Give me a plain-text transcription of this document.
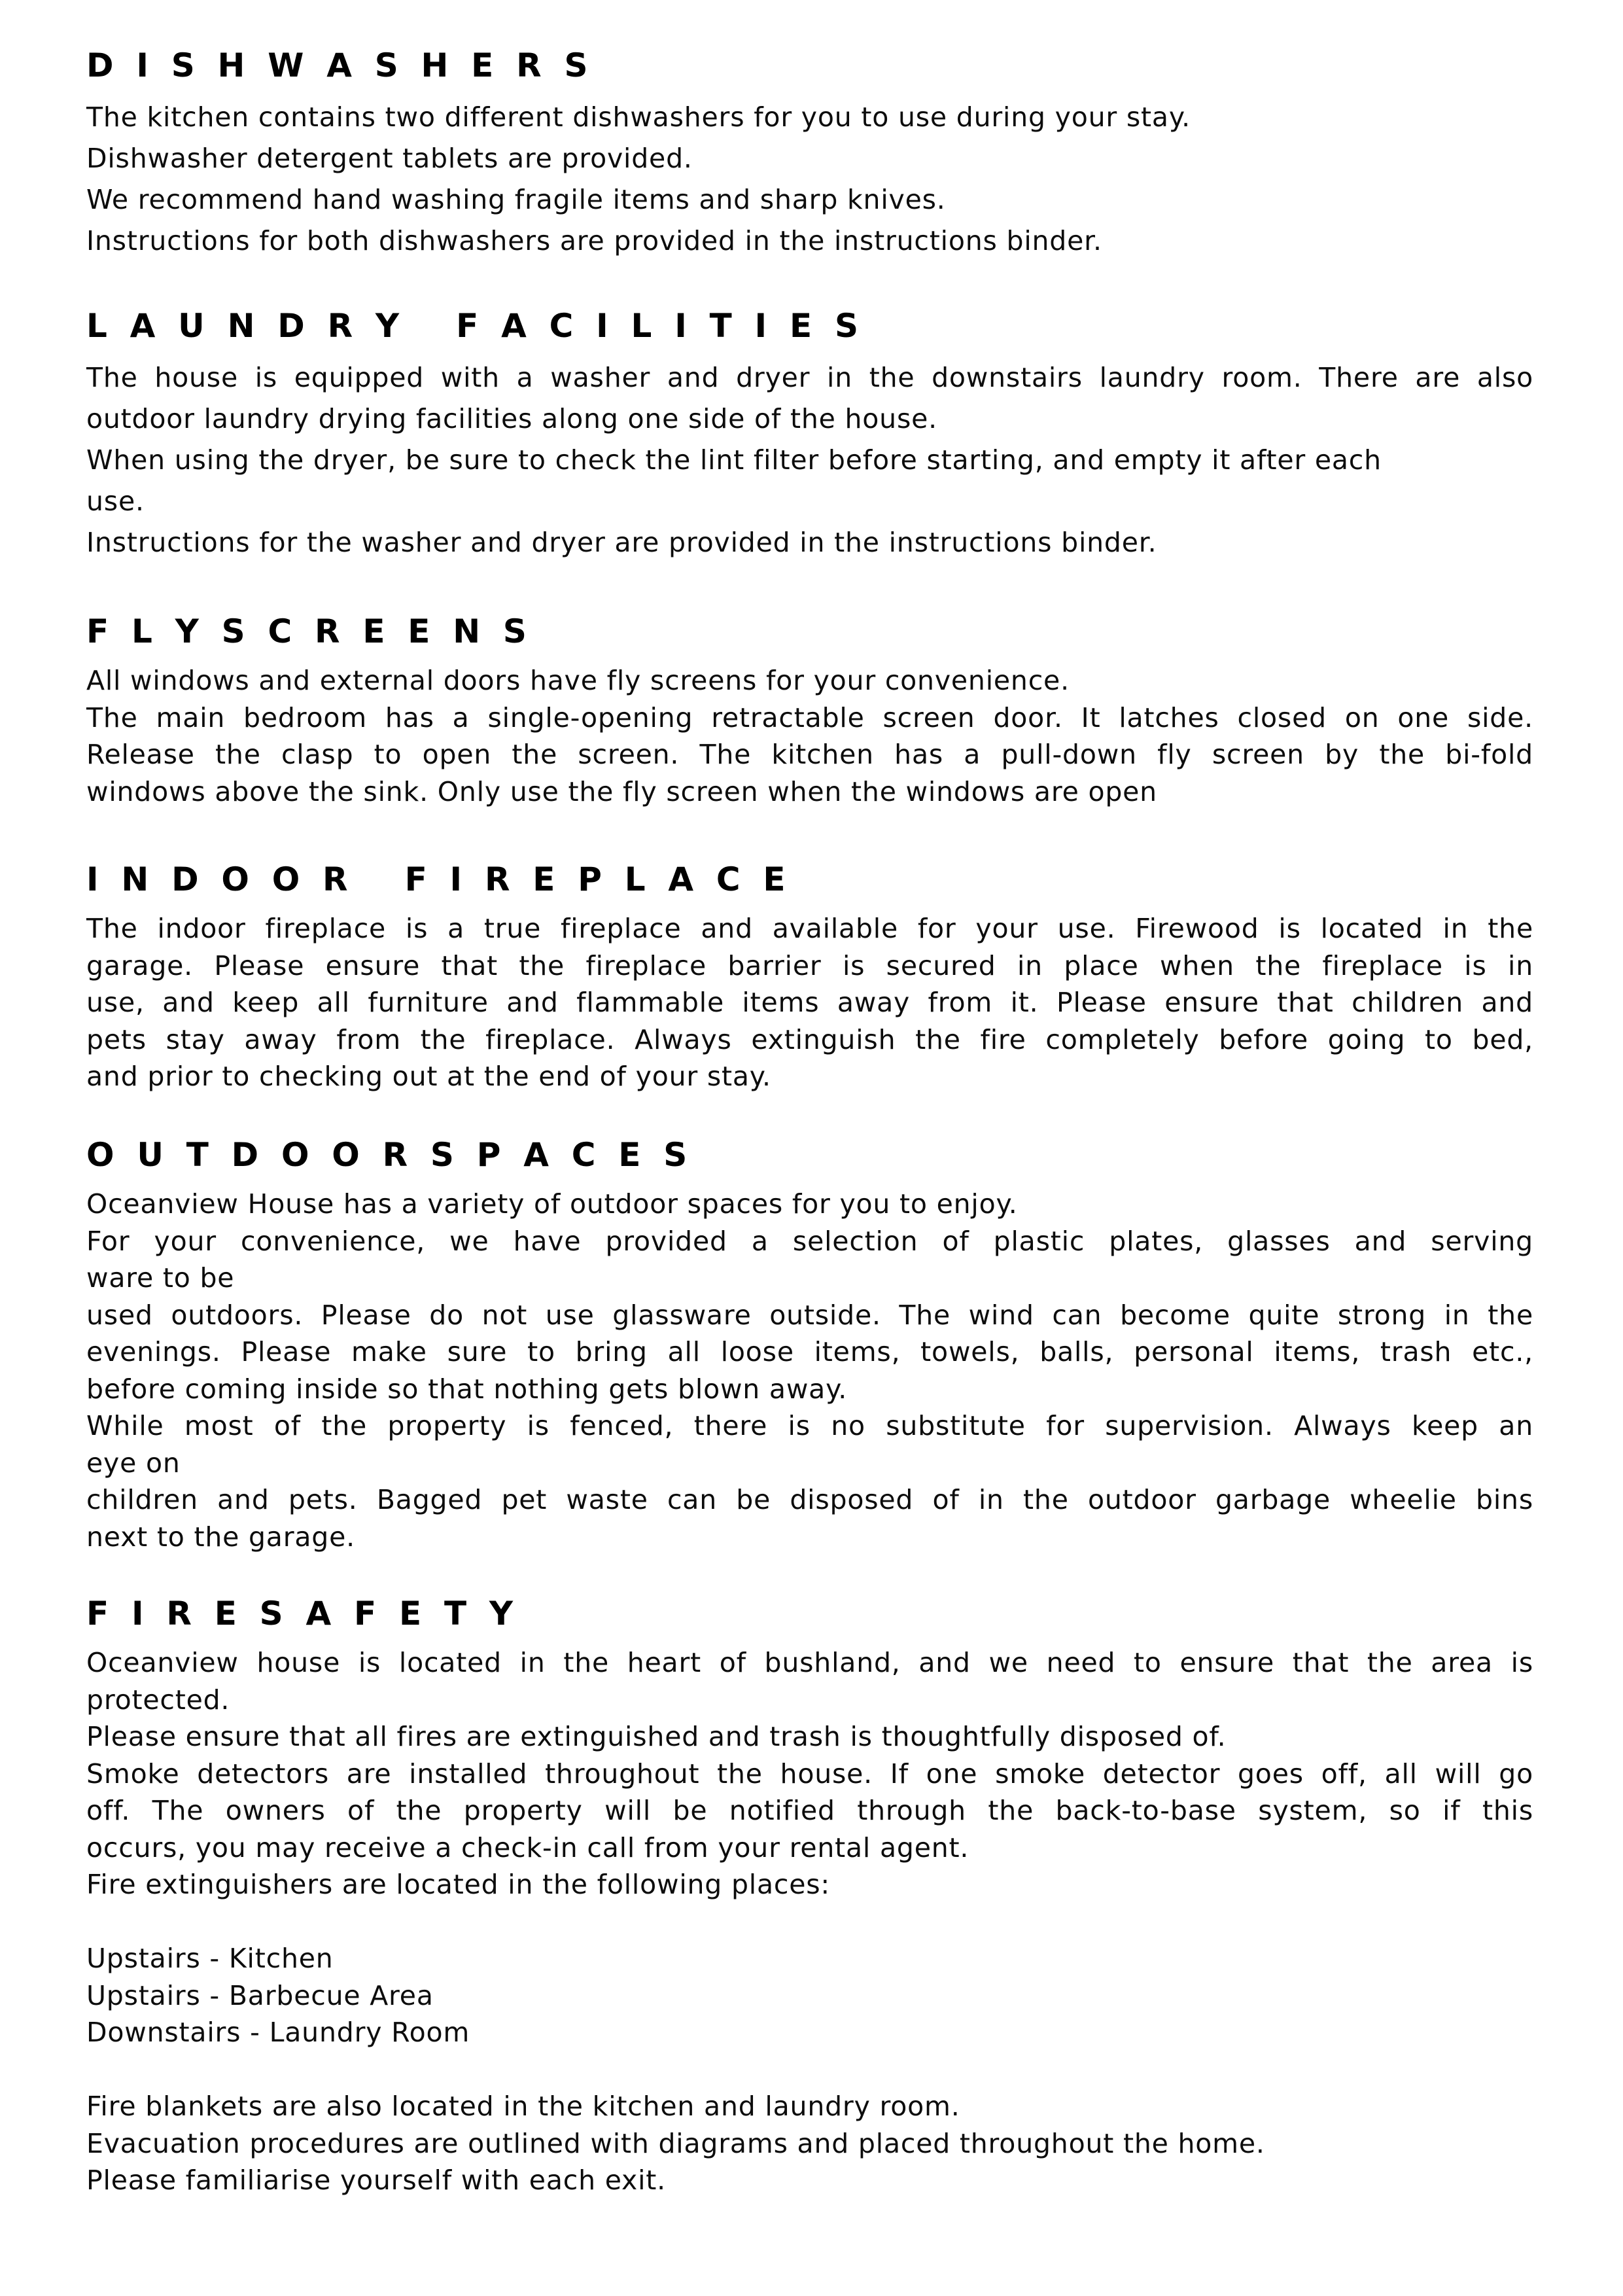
D  I  S  H  W  A  S  H  E  R  S
The kitchen contains two different dishwashers for you to use during your stay.
Dishwasher detergent tablets are provided.
We recommend hand washing fragile items and sharp knives.
Instructions for both dishwashers are provided in the instructions binder.
L  A  U  N  D  R  Y     F  A  C  I  L  I  T  I  E  S
The house is equipped with a washer and dryer in the downstairs laundry room. There are also
outdoor laundry drying facilities along one side of the house.
When using the dryer, be sure to check the lint filter before starting, and empty it after each
use.
Instructions for the washer and dryer are provided in the instructions binder.
F  L  Y  S  C  R  E  E  N  S
All windows and external doors have fly screens for your convenience.
The main bedroom has a single-opening retractable screen door. It latches closed on one side.
Release the clasp to open the screen. The kitchen has a pull-down fly screen by the bi-fold
windows above the sink. Only use the fly screen when the windows are open
I  N  D  O  O  R     F  I  R  E  P  L  A  C  E
The indoor fireplace is a true fireplace and available for your use. Firewood is located in the
garage. Please ensure that the fireplace barrier is secured in place when the fireplace is in
use, and keep all furniture and flammable items away from it. Please ensure that children and
pets stay away from the fireplace. Always extinguish the fire completely before going to bed,
and prior to checking out at the end of your stay.
O  U  T  D  O  O  R  S  P  A  C  E  S
Oceanview House has a variety of outdoor spaces for you to enjoy.
For your convenience, we have provided a selection of plastic plates, glasses and serving
ware to be
used outdoors. Please do not use glassware outside. The wind can become quite strong in the
evenings. Please make sure to bring all loose items, towels, balls, personal items, trash etc.,
before coming inside so that nothing gets blown away.
While most of the property is fenced, there is no substitute for supervision. Always keep an
eye on
children and pets. Bagged pet waste can be disposed of in the outdoor garbage wheelie bins
next to the garage.
F  I  R  E  S  A  F  E  T  Y
Oceanview house is located in the heart of bushland, and we need to ensure that the area is
protected.
Please ensure that all fires are extinguished and trash is thoughtfully disposed of.
Smoke detectors are installed throughout the house. If one smoke detector goes off, all will go
off. The owners of the property will be notified through the back-to-base system, so if this
occurs, you may receive a check-in call from your rental agent.
Fire extinguishers are located in the following places:
Upstairs - Kitchen
Upstairs - Barbecue Area
Downstairs - Laundry Room
Fire blankets are also located in the kitchen and laundry room.
Evacuation procedures are outlined with diagrams and placed throughout the home.
Please familiarise yourself with each exit.
